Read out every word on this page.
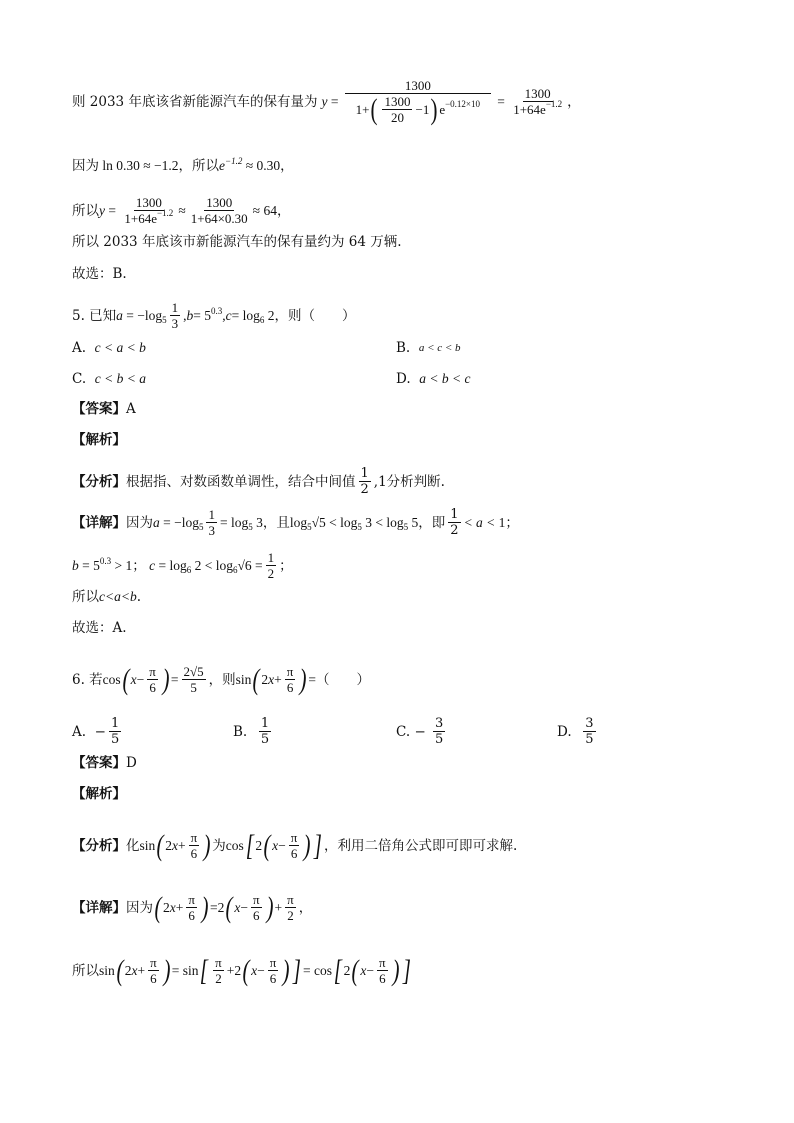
则 2033 年底该省新能源汽车的保有量为 $y = \frac{1300}{1+ ( \frac{1300}{20} -1 ) e -0.12\times 10} = \frac{1300}{1+64e^{-1.2}}$ ，
因为 ln 0.30 ≈ −1.2 ，所以 $e^{-1.2} \approx 0.30$ ，
所以 $y = \frac{1300}{1+64e^{-1.2}} \approx \frac{1300}{1+64\times 0.30} \approx 64$，
所以 2033 年底该市新能源汽车的保有量约为 64 万辆.
故选：B.
5. 已知 $a = -\log_5 \frac{1}{3}$ , $b = 5^{0.3}$, $c = \log_6 2$ ，则（　　）
A.
c < a < b	B.
a < c < b
C.
c < b < a	D.
a < b < c
【答案】 A
【解析】
【分析】 根据指、对数函数单调性，结合中间值 $\frac{1}{2} ,1$分析判断.
【详解】 因为 $a = -\log_5 \frac{1}{3} = \log_5 3$ ，且 $\log_5√5 < \log_5 3 < \log_5 5$ ，即 $\frac{1}{2} < a < 1$；
$b = 5^{0.3} > 1$； $c = \log_6 2 < \log_6√6 = \frac{1}{2}$ ；
所以 c<a<b .
故选：A.
6. 若 cos ( $x - \frac{\pi}{6}$ ) = $\frac{2√5}{5}$ ，则 sin ( 2 $x + \frac{\pi}{6}$ ) = （　　）
A.
− $\frac{1}{5}$	B.
$\frac{1}{5}$	C.
−
$\frac{3}{5}$	D.
$\frac{3}{5}$
【答案】 D
【解析】
【分析】 化 sin ( 2 $x + \frac{\pi}{6}$ ) 为 cos [ 2 ( $x - \frac{\pi}{6}$ ) ] ，利用二倍角公式即可即可求解.
【详解】 因为 ( 2 $x + \frac{\pi}{6}$ ) =2 ( $x - \frac{\pi}{6}$ ) + $\frac{\pi}{2}$ ，
所以 sin ( 2 $x + \frac{\pi}{6}$ ) = sin [ $\frac{\pi}{2} +2$ ( $x - \frac{\pi}{6}$ ) ] = cos [ 2 ( $x - \frac{\pi}{6}$ ) ]
